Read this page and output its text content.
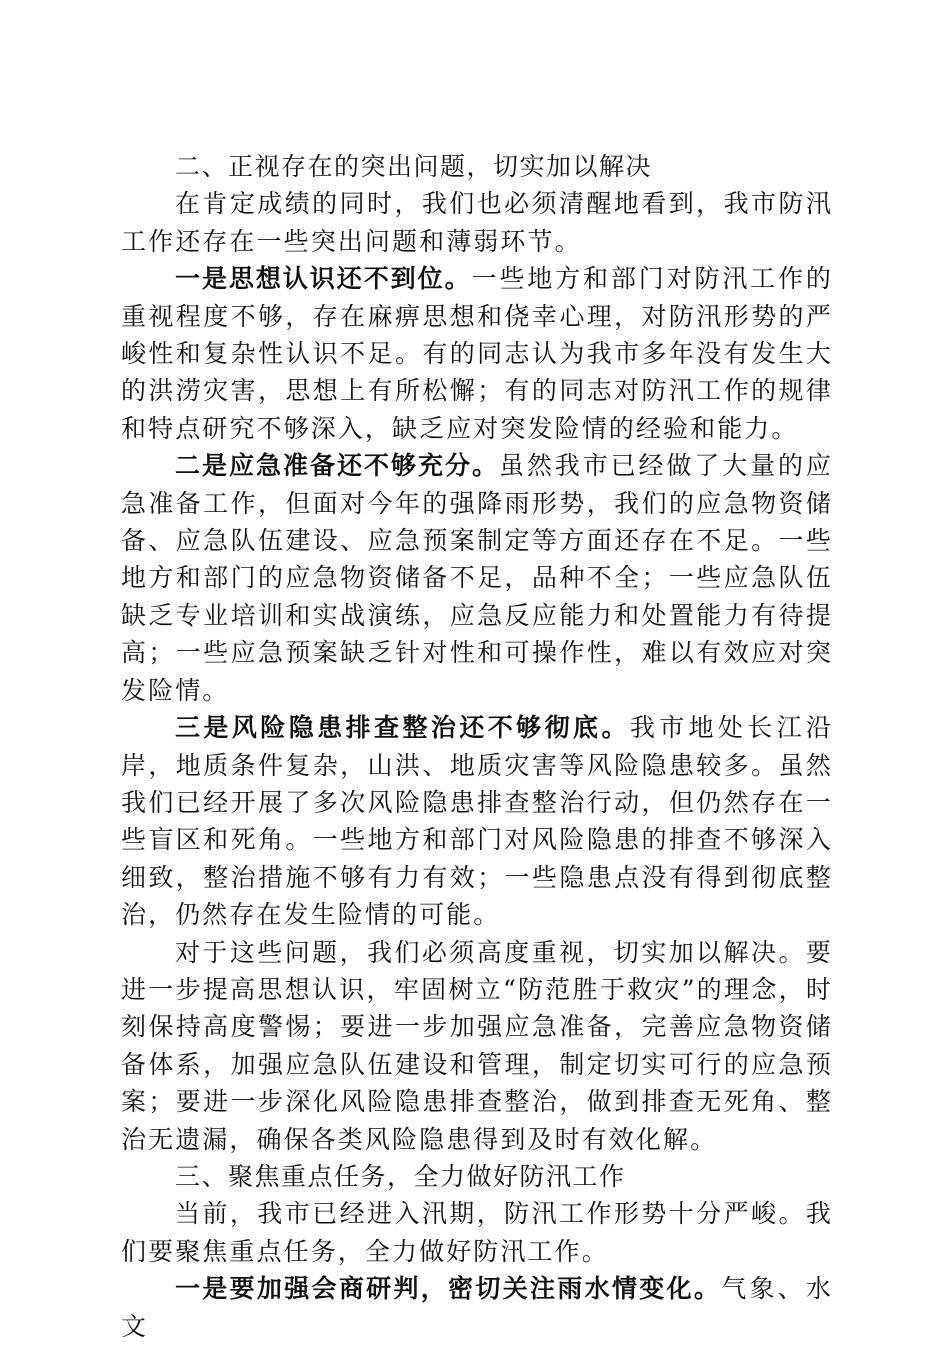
二、正视存在的突出问题，切实加以解决

在肯定成绩的同时，我们也必须清醒地看到，我市防汛工作还存在一些突出问题和薄弱环节。

一是思想认识还不到位。一些地方和部门对防汛工作的重视程度不够，存在麻痹思想和侥幸心理，对防汛形势的严峻性和复杂性认识不足。有的同志认为我市多年没有发生大的洪涝灾害，思想上有所松懈；有的同志对防汛工作的规律和特点研究不够深入，缺乏应对突发险情的经验和能力。

二是应急准备还不够充分。虽然我市已经做了大量的应急准备工作，但面对今年的强降雨形势，我们的应急物资储备、应急队伍建设、应急预案制定等方面还存在不足。一些地方和部门的应急物资储备不足，品种不全；一些应急队伍缺乏专业培训和实战演练，应急反应能力和处置能力有待提高；一些应急预案缺乏针对性和可操作性，难以有效应对突发险情。

三是风险隐患排查整治还不够彻底。我市地处长江沿岸，地质条件复杂，山洪、地质灾害等风险隐患较多。虽然我们已经开展了多次风险隐患排查整治行动，但仍然存在一些盲区和死角。一些地方和部门对风险隐患的排查不够深入细致，整治措施不够有力有效；一些隐患点没有得到彻底整治，仍然存在发生险情的可能。

对于这些问题，我们必须高度重视，切实加以解决。要进一步提高思想认识，牢固树立“防范胜于救灾”的理念，时刻保持高度警惕；要进一步加强应急准备，完善应急物资储备体系，加强应急队伍建设和管理，制定切实可行的应急预案；要进一步深化风险隐患排查整治，做到排查无死角、整治无遗漏，确保各类风险隐患得到及时有效化解。

三、聚焦重点任务，全力做好防汛工作

当前，我市已经进入汛期，防汛工作形势十分严峻。我们要聚焦重点任务，全力做好防汛工作。

一是要加强会商研判，密切关注雨水情变化。气象、水文
